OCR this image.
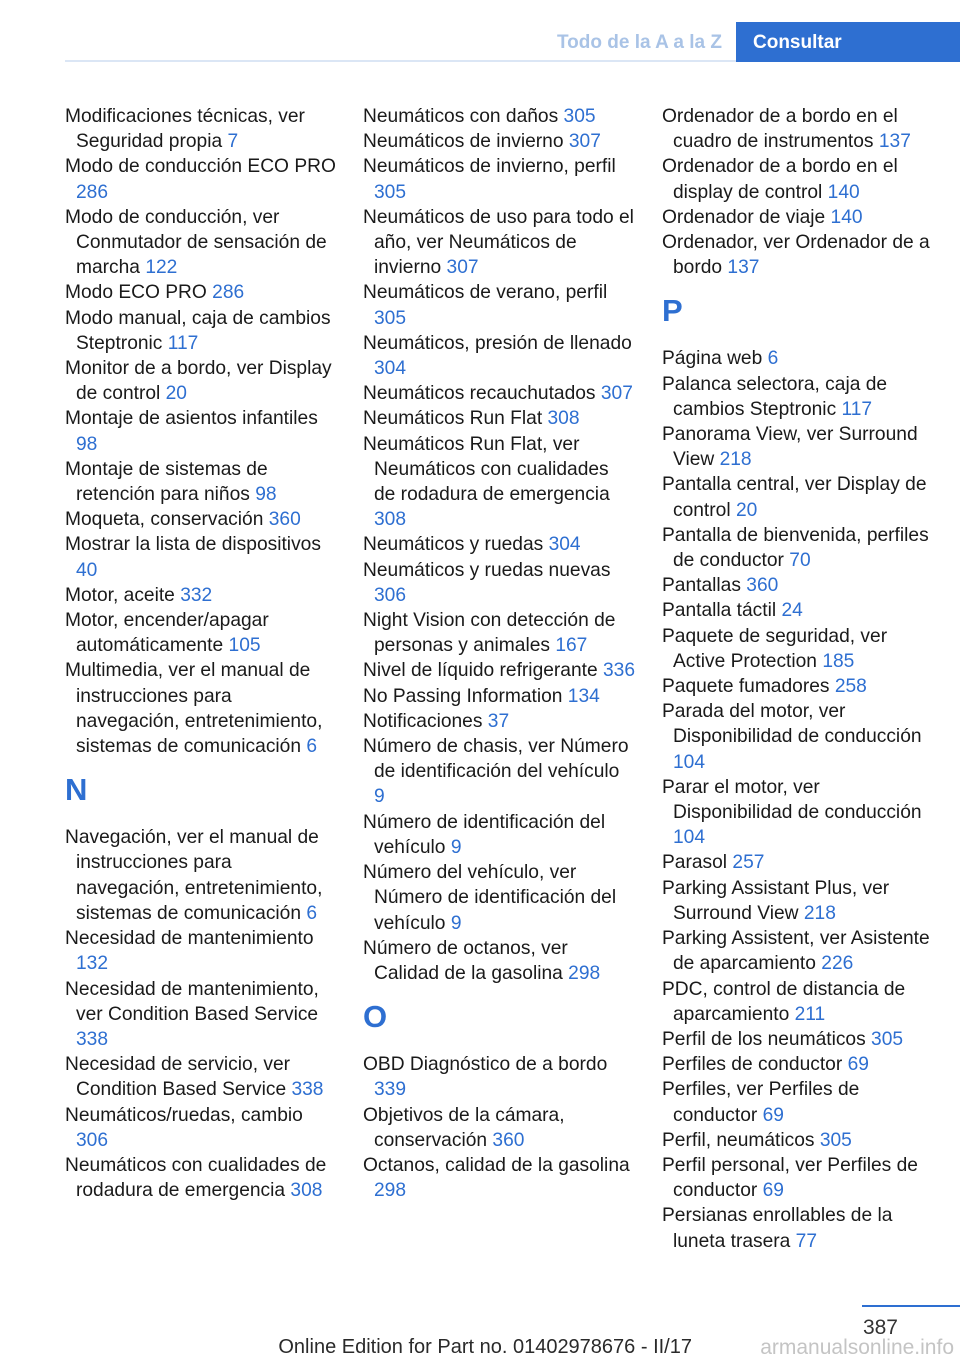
Todo de la A a la Z	Consultar

Modificaciones técnicas, ver Seguridad propia 7

Modo de conducción ECO PRO 286

Modo de conducción, ver Conmutador de sensación de marcha 122

Modo ECO PRO 286

Modo manual, caja de cambios Steptronic 117

Monitor de a bordo, ver Display de control 20

Montaje de asientos infantiles 98

Montaje de sistemas de retención para niños 98

Moqueta, conservación 360

Mostrar la lista de dispositivos 40

Motor, aceite 332

Motor, encender/apagar automáticamente 105

Multimedia, ver el manual de instrucciones para navegación, entretenimiento, sistemas de comunicación 6

N

Navegación, ver el manual de instrucciones para navegación, entretenimiento, sistemas de comunicación 6

Necesidad de mantenimiento 132

Necesidad de mantenimiento, ver Condition Based Service 338

Necesidad de servicio, ver Condition Based Service 338

Neumáticos/ruedas, cambio 306

Neumáticos con cualidades de rodadura de emergencia 308

Neumáticos con daños 305

Neumáticos de invierno 307

Neumáticos de invierno, perfil 305

Neumáticos de uso para todo el año, ver Neumáticos de invierno 307

Neumáticos de verano, perfil 305

Neumáticos, presión de llenado 304

Neumáticos recauchutados 307

Neumáticos Run Flat 308

Neumáticos Run Flat, ver Neumáticos con cualidades de rodadura de emergencia 308

Neumáticos y ruedas 304

Neumáticos y ruedas nuevas 306

Night Vision con detección de personas y animales 167

Nivel de líquido refrigerante 336

No Passing Information 134

Notificaciones 37

Número de chasis, ver Número de identificación del vehículo 9

Número de identificación del vehículo 9

Número del vehículo, ver Número de identificación del vehículo 9

Número de octanos, ver Calidad de la gasolina 298

O

OBD Diagnóstico de a bordo 339

Objetivos de la cámara, conservación 360

Octanos, calidad de la gasolina 298

Ordenador de a bordo en el cuadro de instrumentos 137

Ordenador de a bordo en el display de control 140

Ordenador de viaje 140

Ordenador, ver Ordenador de a bordo 137

P

Página web 6

Palanca selectora, caja de cambios Steptronic 117

Panorama View, ver Surround View 218

Pantalla central, ver Display de control 20

Pantalla de bienvenida, perfiles de conductor 70

Pantallas 360

Pantalla táctil 24

Paquete de seguridad, ver Active Protection 185

Paquete fumadores 258

Parada del motor, ver Disponibilidad de conducción 104

Parar el motor, ver Disponibilidad de conducción 104

Parasol 257

Parking Assistant Plus, ver Surround View 218

Parking Assistent, ver Asistente de aparcamiento 226

PDC, control de distancia de aparcamiento 211

Perfil de los neumáticos 305

Perfiles de conductor 69

Perfiles, ver Perfiles de conductor 69

Perfil, neumáticos 305

Perfil personal, ver Perfiles de conductor 69

Persianas enrollables de la luneta trasera 77

387
Online Edition for Part no. 01402978676 - II/17	armanualsonline.info
